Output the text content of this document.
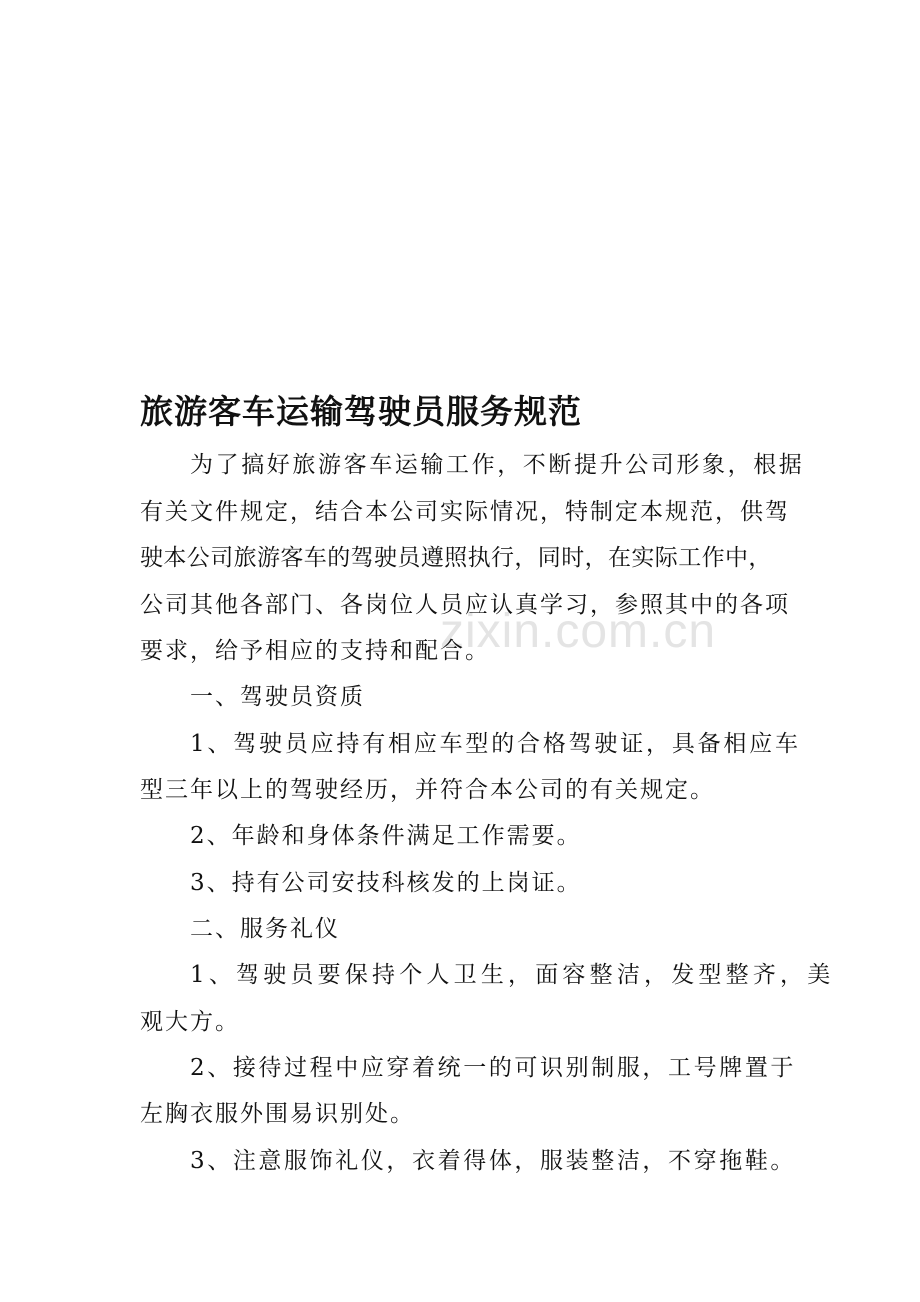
zixin.com.cn
旅游客车运输驾驶员服务规范
为了搞好旅游客车运输工作，不断提升公司形象，根据
有关文件规定，结合本公司实际情况，特制定本规范，供驾
驶本公司旅游客车的驾驶员遵照执行，同时，在实际工作中，
公司其他各部门、各岗位人员应认真学习，参照其中的各项
要求，给予相应的支持和配合。
一、驾驶员资质
1、驾驶员应持有相应车型的合格驾驶证，具备相应车
型三年以上的驾驶经历，并符合本公司的有关规定。
2、年龄和身体条件满足工作需要。
3、持有公司安技科核发的上岗证。
二、服务礼仪
1、驾驶员要保持个人卫生，面容整洁，发型整齐，美
观大方。
2、接待过程中应穿着统一的可识别制服，工号牌置于
左胸衣服外围易识别处。
3、注意服饰礼仪，衣着得体，服装整洁，不穿拖鞋。
